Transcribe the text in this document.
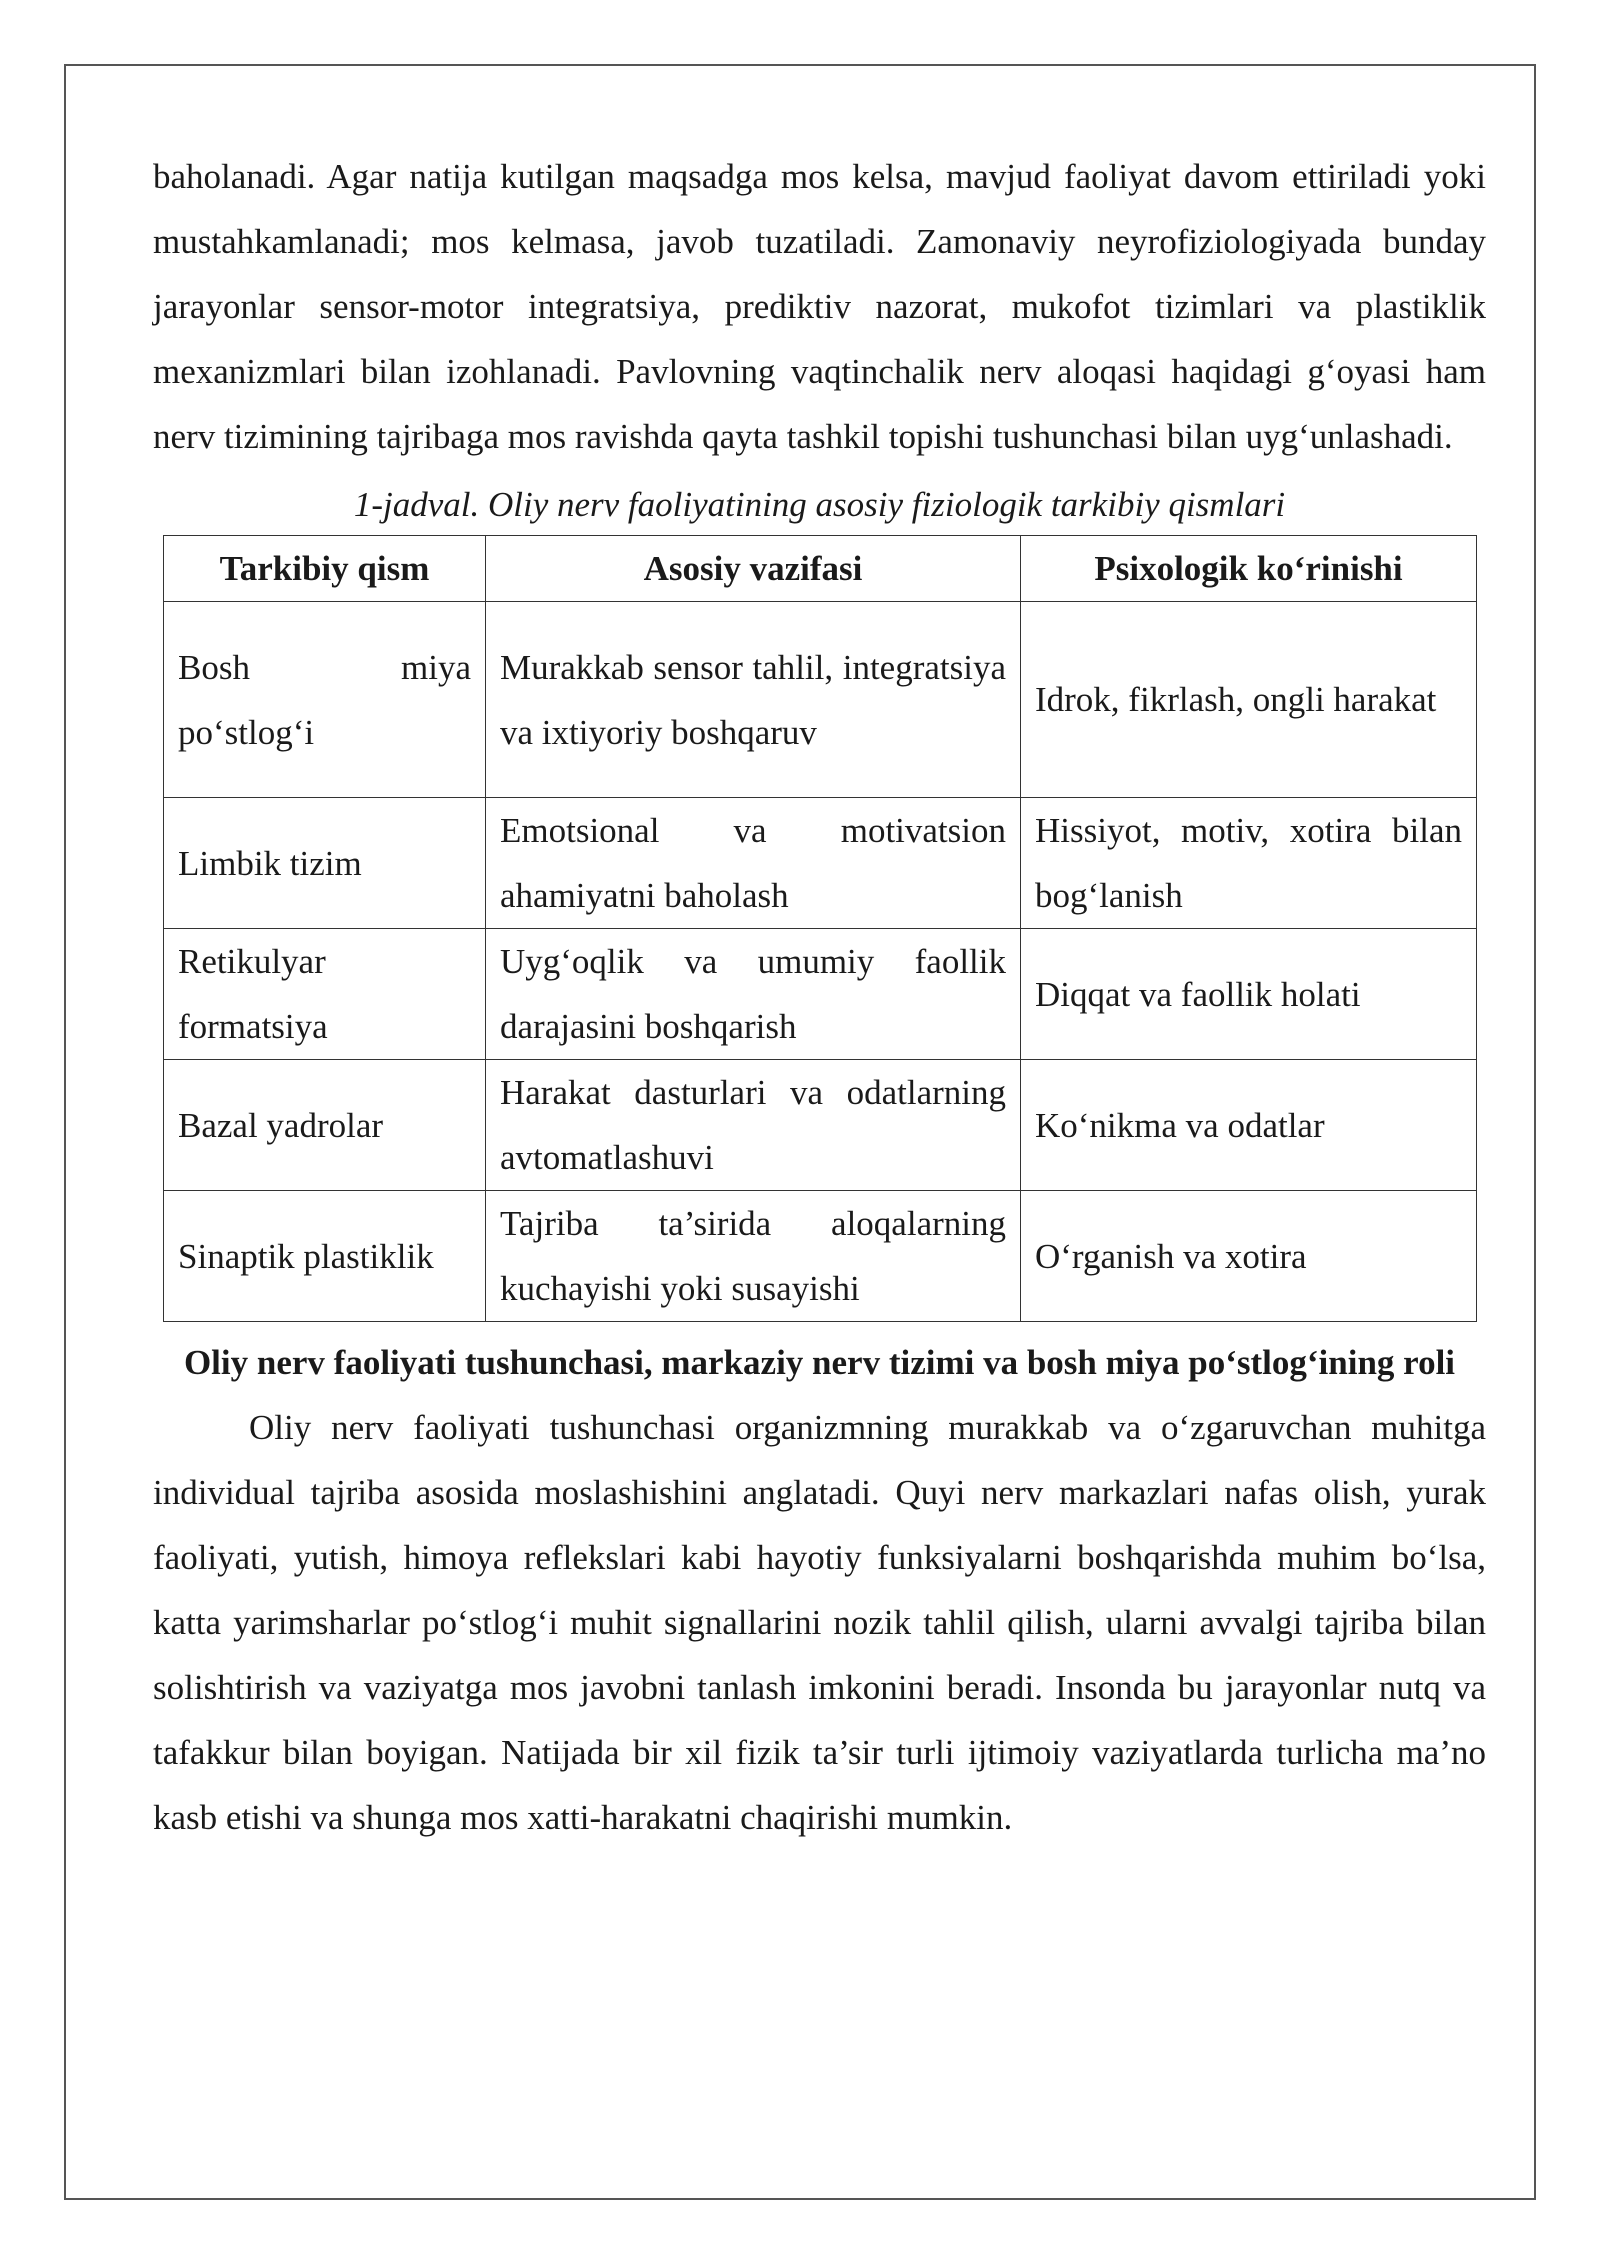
baholanadi. Agar natija kutilgan maqsadga mos kelsa, mavjud faoliyat davom ettiriladi yoki mustahkamlanadi; mos kelmasa, javob tuzatiladi. Zamonaviy neyrofiziologiyada bunday jarayonlar sensor-motor integratsiya, prediktiv nazorat, mukofot tizimlari va plastiklik mexanizmlari bilan izohlanadi. Pavlovning vaqtinchalik nerv aloqasi haqidagi g‘oyasi ham nerv tizimining tajribaga mos ravishda qayta tashkil topishi tushunchasi bilan uyg‘unlashadi.

1-jadval. Oliy nerv faoliyatining asosiy fiziologik tarkibiy qismlari

Tarkibiy qism	Asosiy vazifasi	Psixologik ko‘rinishi
Bosh miya po‘stlog‘i	Murakkab sensor tahlil, integratsiya va ixtiyoriy boshqaruv	Idrok, fikrlash, ongli harakat
Limbik tizim	Emotsional va motivatsion ahamiyatni baholash	Hissiyot, motiv, xotira bilan bog‘lanish
Retikulyar formatsiya	Uyg‘oqlik va umumiy faollik darajasini boshqarish	Diqqat va faollik holati
Bazal yadrolar	Harakat dasturlari va odatlarning avtomatlashuvi	Ko‘nikma va odatlar
Sinaptik plastiklik	Tajriba ta’sirida aloqalarning kuchayishi yoki susayishi	O‘rganish va xotira

Oliy nerv faoliyati tushunchasi, markaziy nerv tizimi va bosh miya po‘stlog‘ining roli

Oliy nerv faoliyati tushunchasi organizmning murakkab va o‘zgaruvchan muhitga individual tajriba asosida moslashishini anglatadi. Quyi nerv markazlari nafas olish, yurak faoliyati, yutish, himoya reflekslari kabi hayotiy funksiyalarni boshqarishda muhim bo‘lsa, katta yarimsharlar po‘stlog‘i muhit signallarini nozik tahlil qilish, ularni avvalgi tajriba bilan solishtirish va vaziyatga mos javobni tanlash imkonini beradi. Insonda bu jarayonlar nutq va tafakkur bilan boyigan. Natijada bir xil fizik ta’sir turli ijtimoiy vaziyatlarda turlicha ma’no kasb etishi va shunga mos xatti-harakatni chaqirishi mumkin.
